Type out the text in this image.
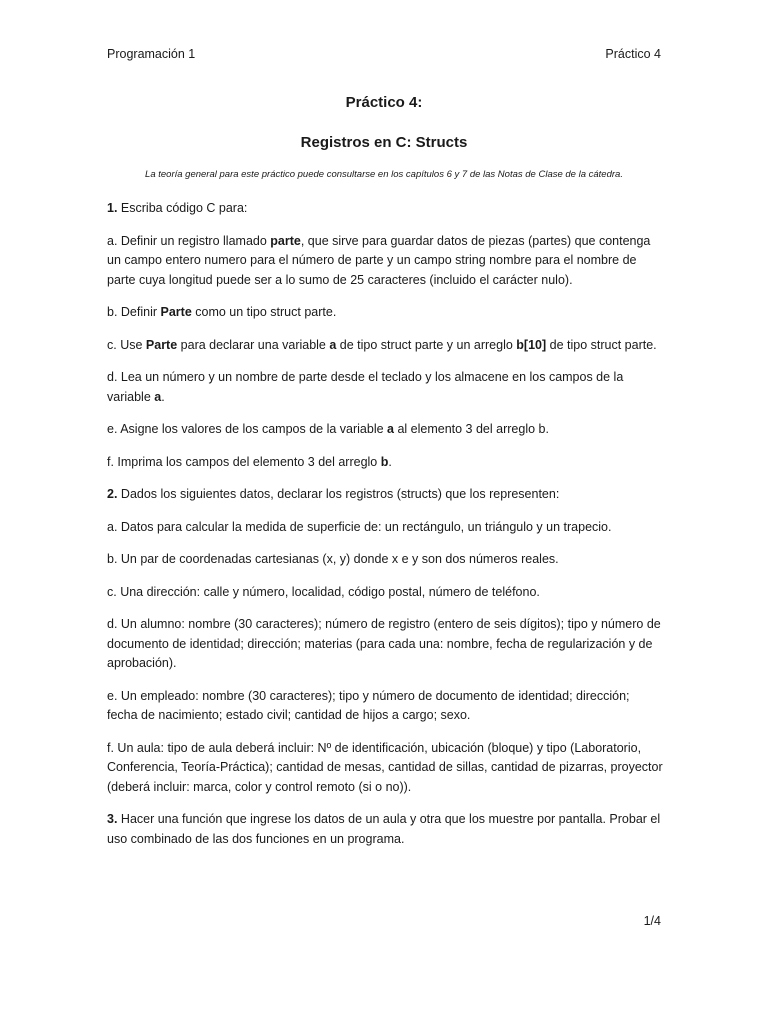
Programación 1	Práctico 4
Práctico 4:
Registros en C: Structs
La teoría general para este práctico puede consultarse en los capítulos 6 y 7 de las Notas de Clase de la cátedra.

1. Escriba código C para:

a. Definir un registro llamado parte, que sirve para guardar datos de piezas (partes) que contenga un campo entero numero para el número de parte y un campo string nombre para el nombre de parte cuya longitud puede ser a lo sumo de 25 caracteres (incluido el carácter nulo).

b. Definir Parte como un tipo struct parte.

c. Use Parte para declarar una variable a de tipo struct parte y un arreglo b[10] de tipo struct parte.

d. Lea un número y un nombre de parte desde el teclado y los almacene en los campos de la variable a.

e. Asigne los valores de los campos de la variable a al elemento 3 del arreglo b.

f. Imprima los campos del elemento 3 del arreglo b.

2. Dados los siguientes datos, declarar los registros (structs) que los representen:

a. Datos para calcular la medida de superficie de: un rectángulo, un triángulo y un trapecio.

b. Un par de coordenadas cartesianas (x, y) donde x e y son dos números reales.

c. Una dirección: calle y número, localidad, código postal, número de teléfono.

d. Un alumno: nombre (30 caracteres); número de registro (entero de seis dígitos); tipo y número de documento de identidad; dirección; materias (para cada una: nombre, fecha de regularización y de aprobación).

e. Un empleado: nombre (30 caracteres); tipo y número de documento de identidad; dirección; fecha de nacimiento; estado civil; cantidad de hijos a cargo; sexo.

f. Un aula: tipo de aula deberá incluir: Nº de identificación, ubicación (bloque) y tipo (Laboratorio, Conferencia, Teoría-Práctica); cantidad de mesas, cantidad de sillas, cantidad de pizarras, proyector (deberá incluir: marca, color y control remoto (si o no)).

3. Hacer una función que ingrese los datos de un aula y otra que los muestre por pantalla. Probar el uso combinado de las dos funciones en un programa.

1/4
